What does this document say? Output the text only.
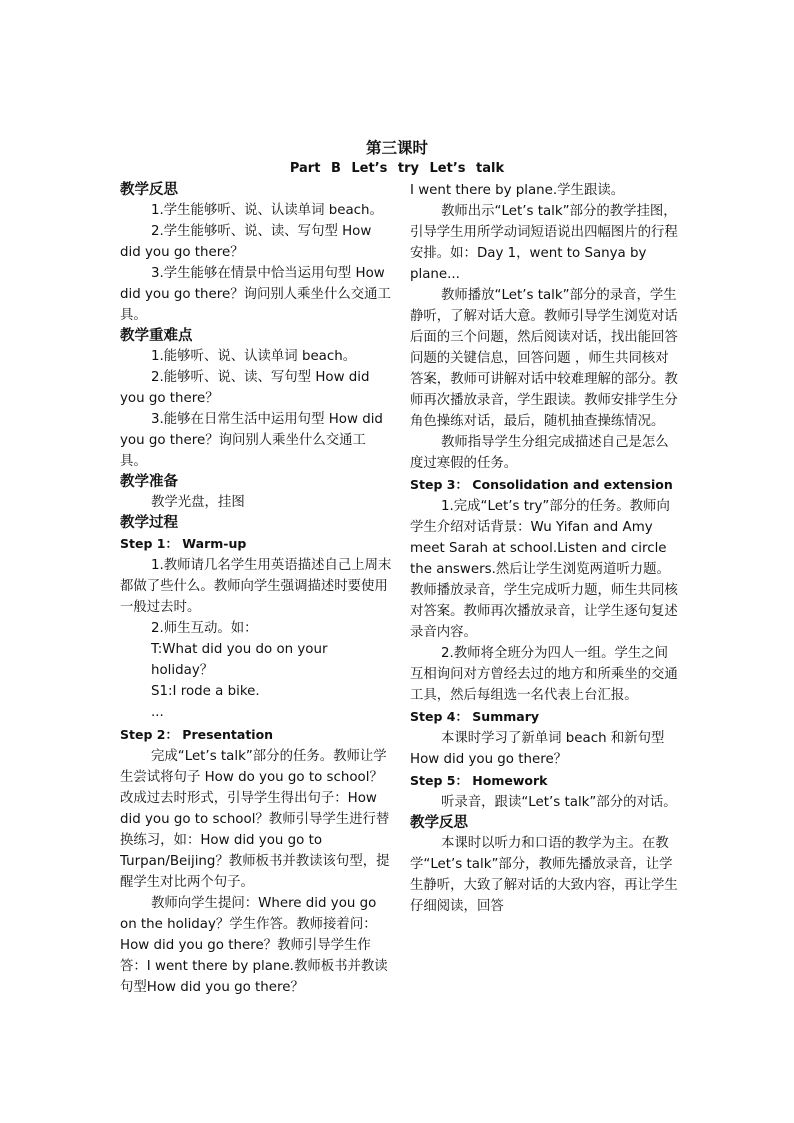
第三课时
Part B Let’s try Let’s talk

教学反思

1.学生能够听、说、认读单词 beach。

2.学生能够听、说、读、写句型 How did you go there？

3.学生能够在情景中恰当运用句型 How did you go there？询问别人乘坐什么交通工具。

教学重难点

1.能够听、说、认读单词 beach。

2.能够听、说、读、写句型 How did you go there？

3.能够在日常生活中运用句型 How did you go there？询问别人乘坐什么交通工具。

教学准备

教学光盘，挂图

教学过程

Step 1： Warm-up

1.教师请几名学生用英语描述自己上周末都做了些什么。教师向学生强调描述时要使用一般过去时。

2.师生互动。如：

T:What did you do on your holiday？

S1:I rode a bike.

...

Step 2： Presentation

完成“Let’s talk”部分的任务。教师让学生尝试将句子 How do you go to school？改成过去时形式，引导学生得出句子：How did you go to school？教师引导学生进行替换练习，如：How did you go to Turpan/Beijing？教师板书并教读该句型，提醒学生对比两个句子。

教师向学生提问：Where did you go on the holiday？学生作答。教师接着问：How did you go there？教师引导学生作答：I went there by plane.教师板书并教读句型How did you go there？

I went there by plane.学生跟读。

教师出示“Let’s talk”部分的教学挂图，引导学生用所学动词短语说出四幅图片的行程安排。如：Day 1，went to Sanya by plane...

教师播放“Let’s talk”部分的录音，学生静听，了解对话大意。教师引导学生浏览对话后面的三个问题，然后阅读对话，找出能回答问题的关键信息，回答问题 ，师生共同核对答案，教师可讲解对话中较难理解的部分。教师再次播放录音，学生跟读。教师安排学生分角色操练对话，最后，随机抽查操练情况。

教师指导学生分组完成描述自己是怎么度过寒假的任务。

Step 3： Consolidation and extension

1.完成“Let’s try”部分的任务。教师向学生介绍对话背景：Wu Yifan and Amy meet Sarah at school.Listen and circle the answers.然后让学生浏览两道听力题。教师播放录音，学生完成听力题，师生共同核对答案。教师再次播放录音，让学生逐句复述录音内容。

2.教师将全班分为四人一组。学生之间互相询问对方曾经去过的地方和所乘坐的交通工具，然后每组选一名代表上台汇报。

Step 4： Summary

本课时学习了新单词 beach 和新句型 How did you go there？

Step 5： Homework

听录音，跟读“Let’s talk”部分的对话。

教学反思

本课时以听力和口语的教学为主。在教学“Let’s talk”部分，教师先播放录音，让学生静听，大致了解对话的大致内容，再让学生仔细阅读，回答
